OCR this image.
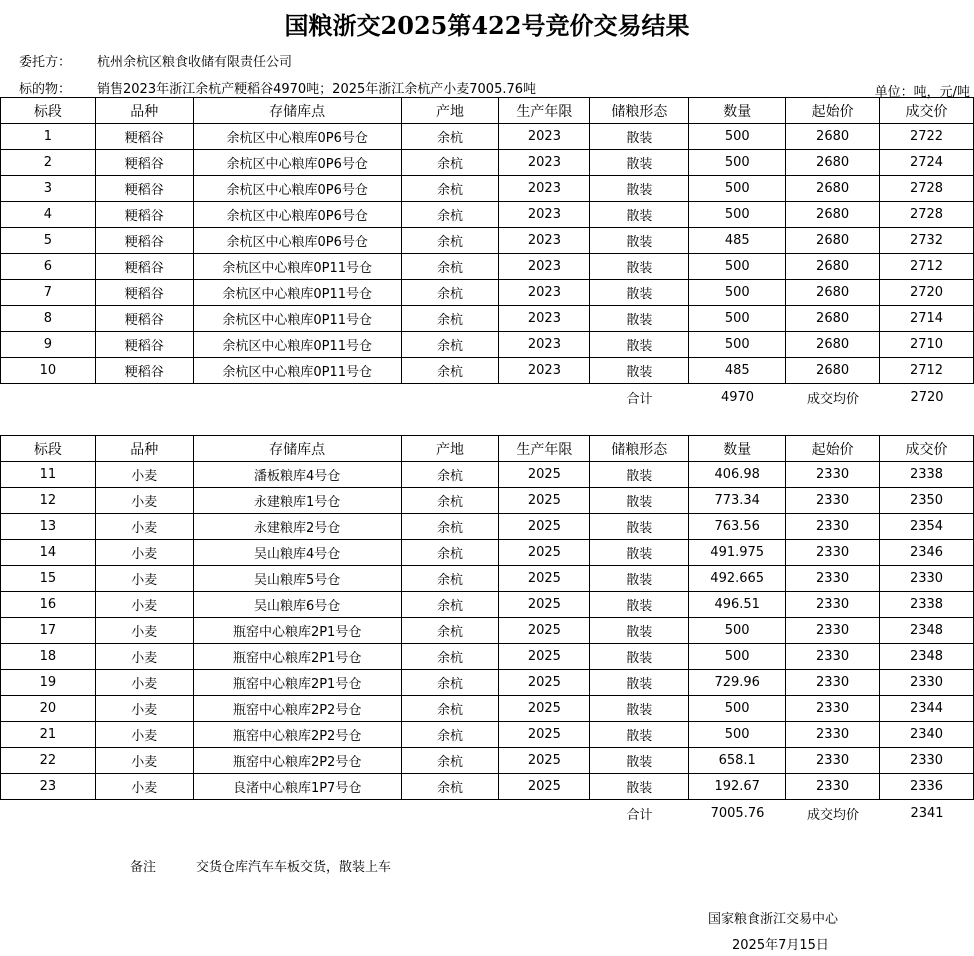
国粮浙交2025第422号竞价交易结果
委托方： 杭州余杭区粮食收储有限责任公司
标的物： 销售2023年浙江余杭产粳稻谷4970吨；2025年浙江余杭产小麦7005.76吨	单位：吨，元/吨
标段	品种	存储库点	产地	生产年限	储粮形态	数量	起始价	成交价
1	粳稻谷	余杭区中心粮库0P6号仓	余杭	2023	散装	500	2680	2722
2	粳稻谷	余杭区中心粮库0P6号仓	余杭	2023	散装	500	2680	2724
3	粳稻谷	余杭区中心粮库0P6号仓	余杭	2023	散装	500	2680	2728
4	粳稻谷	余杭区中心粮库0P6号仓	余杭	2023	散装	500	2680	2728
5	粳稻谷	余杭区中心粮库0P6号仓	余杭	2023	散装	485	2680	2732
6	粳稻谷	余杭区中心粮库0P11号仓	余杭	2023	散装	500	2680	2712
7	粳稻谷	余杭区中心粮库0P11号仓	余杭	2023	散装	500	2680	2720
8	粳稻谷	余杭区中心粮库0P11号仓	余杭	2023	散装	500	2680	2714
9	粳稻谷	余杭区中心粮库0P11号仓	余杭	2023	散装	500	2680	2710
10	粳稻谷	余杭区中心粮库0P11号仓	余杭	2023	散装	485	2680	2712
					合计	4970	成交均价	2720
标段	品种	存储库点	产地	生产年限	储粮形态	数量	起始价	成交价
11	小麦	潘板粮库4号仓	余杭	2025	散装	406.98	2330	2338
12	小麦	永建粮库1号仓	余杭	2025	散装	773.34	2330	2350
13	小麦	永建粮库2号仓	余杭	2025	散装	763.56	2330	2354
14	小麦	吴山粮库4号仓	余杭	2025	散装	491.975	2330	2346
15	小麦	吴山粮库5号仓	余杭	2025	散装	492.665	2330	2330
16	小麦	吴山粮库6号仓	余杭	2025	散装	496.51	2330	2338
17	小麦	瓶窑中心粮库2P1号仓	余杭	2025	散装	500	2330	2348
18	小麦	瓶窑中心粮库2P1号仓	余杭	2025	散装	500	2330	2348
19	小麦	瓶窑中心粮库2P1号仓	余杭	2025	散装	729.96	2330	2330
20	小麦	瓶窑中心粮库2P2号仓	余杭	2025	散装	500	2330	2344
21	小麦	瓶窑中心粮库2P2号仓	余杭	2025	散装	500	2330	2340
22	小麦	瓶窑中心粮库2P2号仓	余杭	2025	散装	658.1	2330	2330
23	小麦	良渚中心粮库1P7号仓	余杭	2025	散装	192.67	2330	2336
					合计	7005.76	成交均价	2341
备注	交货仓库汽车车板交货，散装上车
国家粮食浙江交易中心
2025年7月15日
